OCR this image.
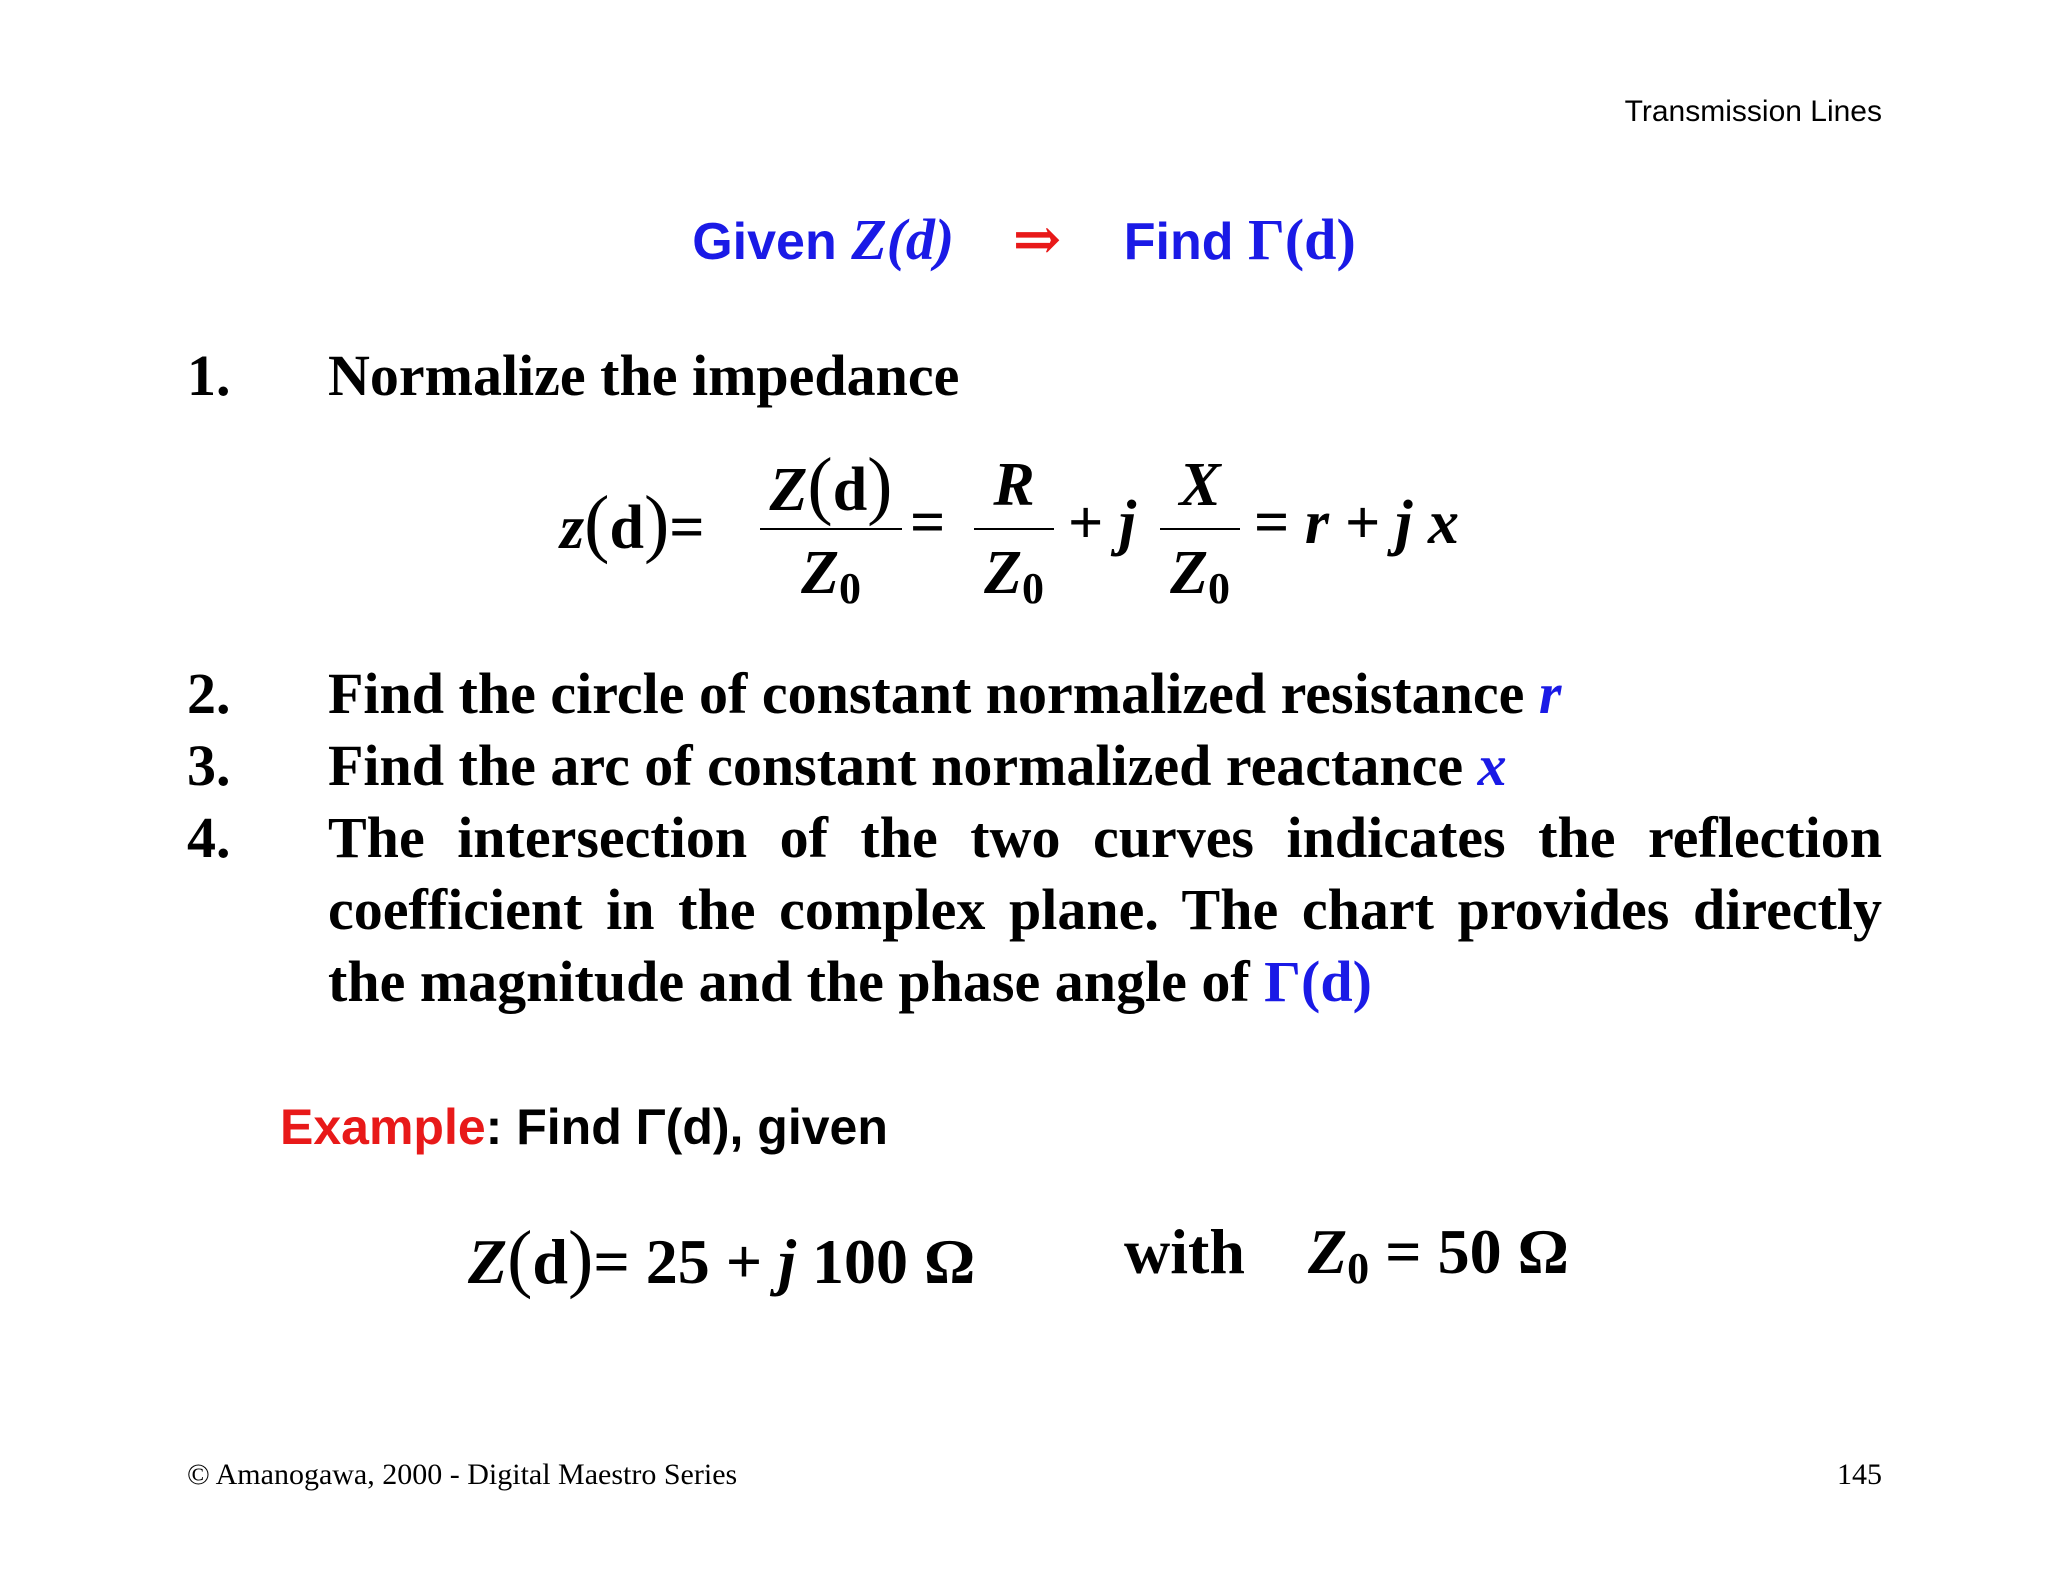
Transmission Lines
Given Z(d) ⇒ Find Γ(d)
1. Normalize the impedance
z(d)=
Z(d)
$Z_0$
=
R
$Z_0$
+ j
X
$Z_0$
= r + j x
2. Find the circle of constant normalized resistance r
3. Find the arc of constant normalized reactance x
4. The intersection of the two curves indicates the reflection coefficient in the complex plane. The chart provides directly the magnitude and the phase angle of Γ(d)
Example: Find Γ(d), given
Z(d)= 25 + j 100 Ω with $Z_0 = 50$ Ω
© Amanogawa, 2000 - Digital Maestro Series	145
